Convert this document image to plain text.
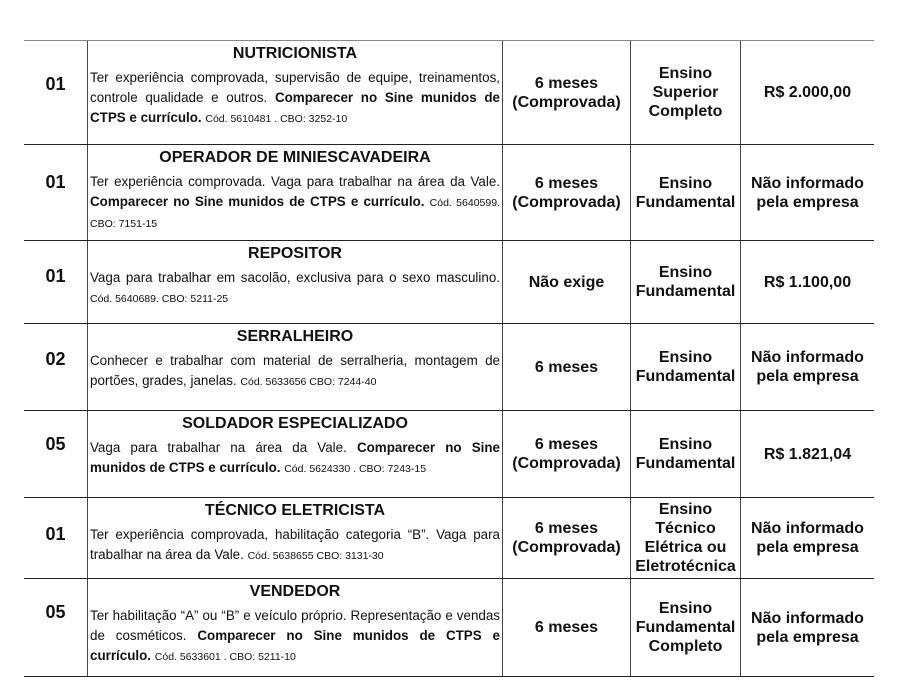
01
NUTRICIONISTA
Ter experiência comprovada, supervisão de equipe, treinamentos, controle qualidade e outros. Comparecer no Sine munidos de CTPS e currículo. Cód. 5610481 . CBO: 3252-10
6 meses (Comprovada)
Ensino Superior Completo
R$ 2.000,00
01
OPERADOR DE MINIESCAVADEIRA
Ter experiência comprovada. Vaga para trabalhar na área da Vale. Comparecer no Sine munidos de CTPS e currículo. Cód. 5640599. CBO: 7151-15
6 meses (Comprovada)
Ensino Fundamental
Não informado pela empresa
01
REPOSITOR
Vaga para trabalhar em sacolão, exclusiva para o sexo masculino. Cód. 5640689. CBO: 5211-25
Não exige
Ensino Fundamental
R$ 1.100,00
02
SERRALHEIRO
Conhecer e trabalhar com material de serralheria, montagem de portões, grades, janelas. Cód. 5633656 CBO: 7244-40
6 meses
Ensino Fundamental
Não informado pela empresa
05
SOLDADOR ESPECIALIZADO
Vaga para trabalhar na área da Vale. Comparecer no Sine munidos de CTPS e currículo. Cód. 5624330 . CBO: 7243-15
6 meses (Comprovada)
Ensino Fundamental
R$ 1.821,04
01
TÉCNICO ELETRICISTA
Ter experiência comprovada, habilitação categoria “B”. Vaga para trabalhar na área da Vale. Cód. 5638655 CBO: 3131-30
6 meses (Comprovada)
Ensino Técnico Elétrica ou Eletrotécnica
Não informado pela empresa
05
VENDEDOR
Ter habilitação “A” ou “B” e veículo próprio. Representação e vendas de cosméticos. Comparecer no Sine munidos de CTPS e currículo. Cód. 5633601 . CBO: 5211-10
6 meses
Ensino Fundamental Completo
Não informado pela empresa
